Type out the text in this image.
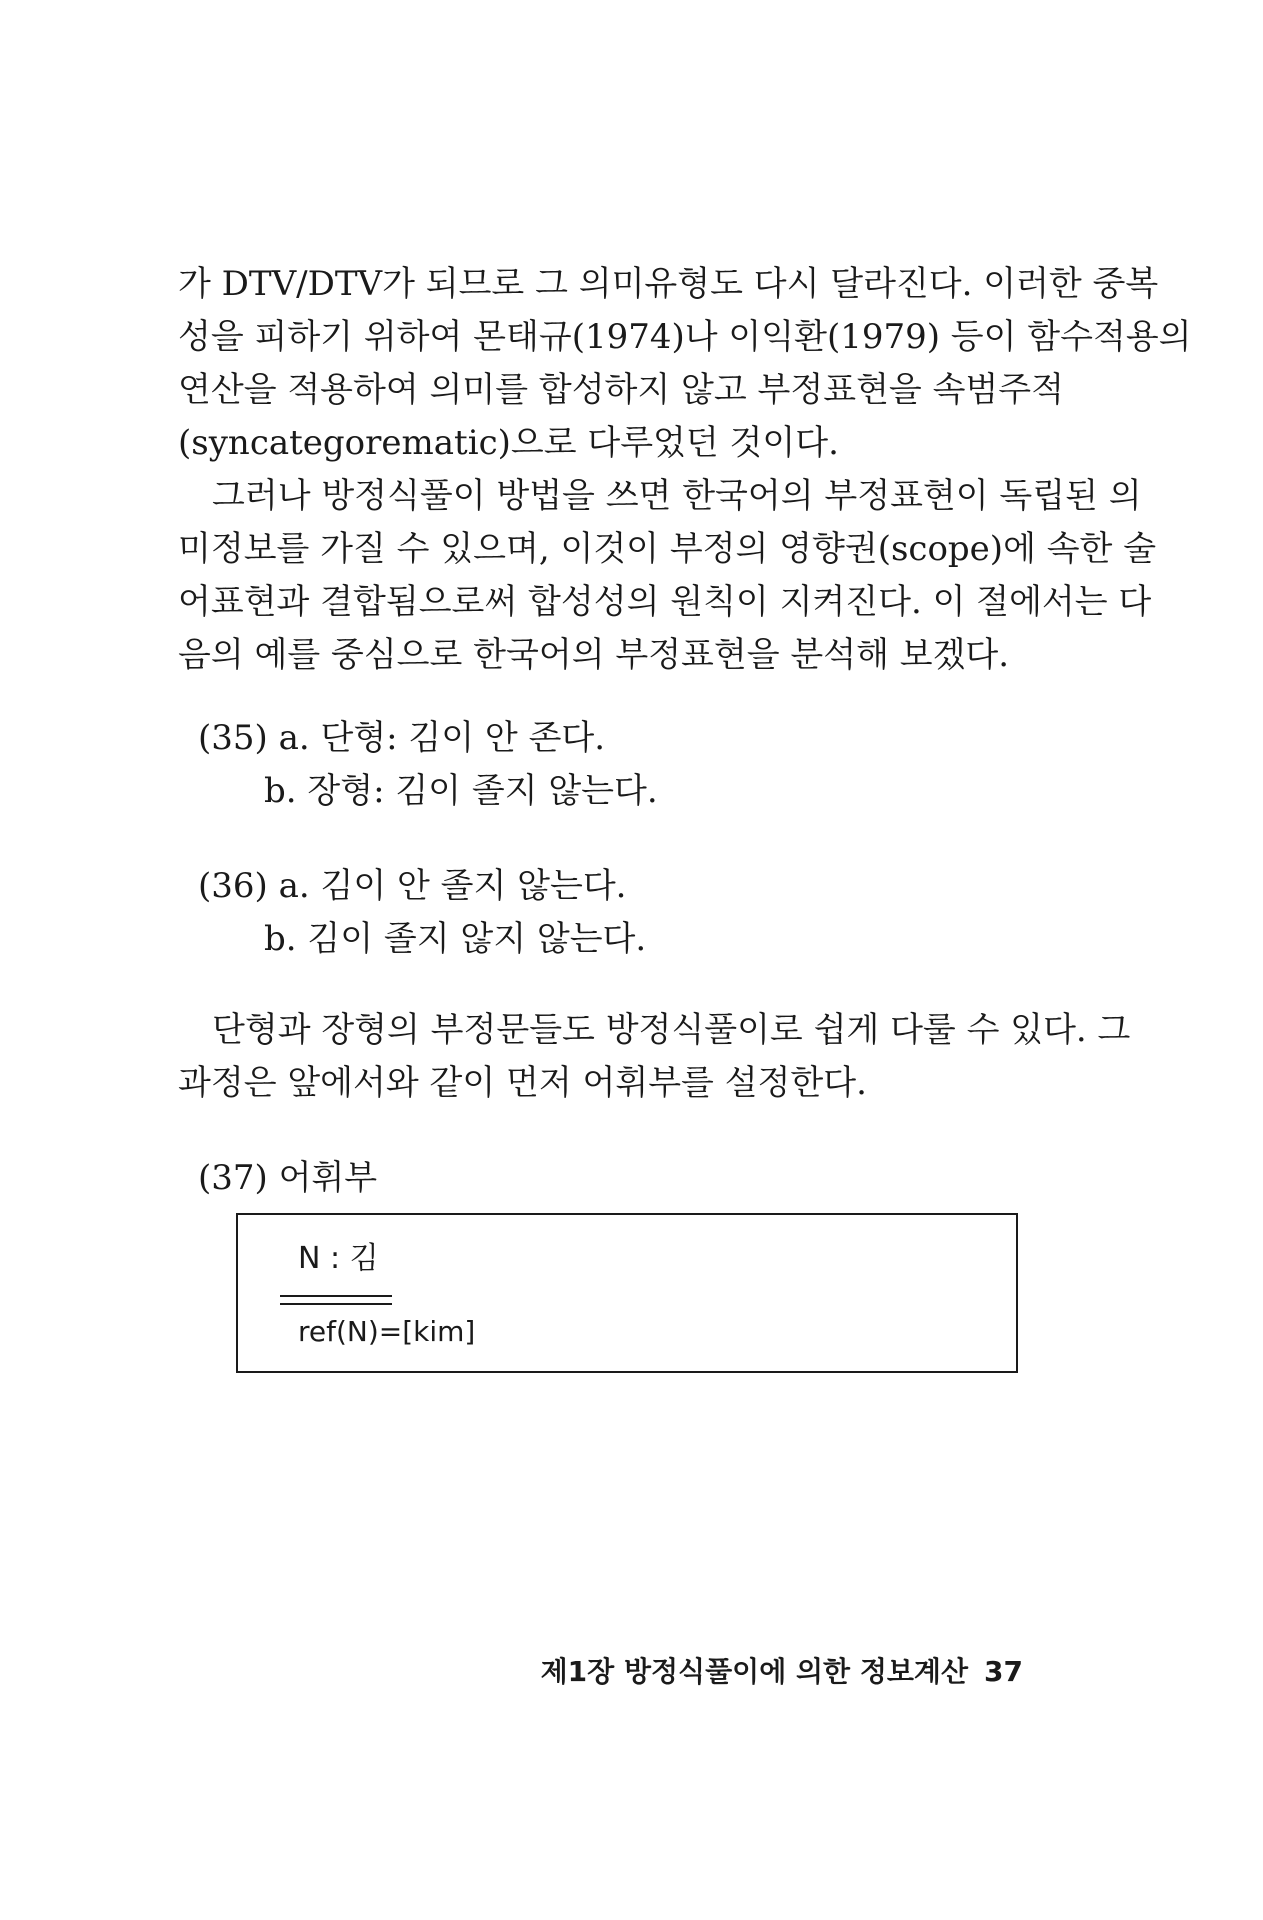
가 DTV/DTV가 되므로 그 의미유형도 다시 달라진다. 이러한 중복
성을 피하기 위하여 몬태규(1974)나 이익환(1979) 등이 함수적용의
연산을 적용하여 의미를 합성하지 않고 부정표현을 속범주적
(syncategorematic)으로 다루었던 것이다.
그러나 방정식풀이 방법을 쓰면 한국어의 부정표현이 독립된 의
미정보를 가질 수 있으며, 이것이 부정의 영향권(scope)에 속한 술
어표현과 결합됨으로써 합성성의 원칙이 지켜진다. 이 절에서는 다
음의 예를 중심으로 한국어의 부정표현을 분석해 보겠다.
(35) a. 단형: 김이 안 존다.
b. 장형: 김이 졸지 않는다.
(36) a. 김이 안 졸지 않는다.
b. 김이 졸지 않지 않는다.
단형과 장형의 부정문들도 방정식풀이로 쉽게 다룰 수 있다. 그
과정은 앞에서와 같이 먼저 어휘부를 설정한다.
(37) 어휘부
N : 김
ref(N)=[kim]
제1장 방정식풀이에 의한 정보계산 37
